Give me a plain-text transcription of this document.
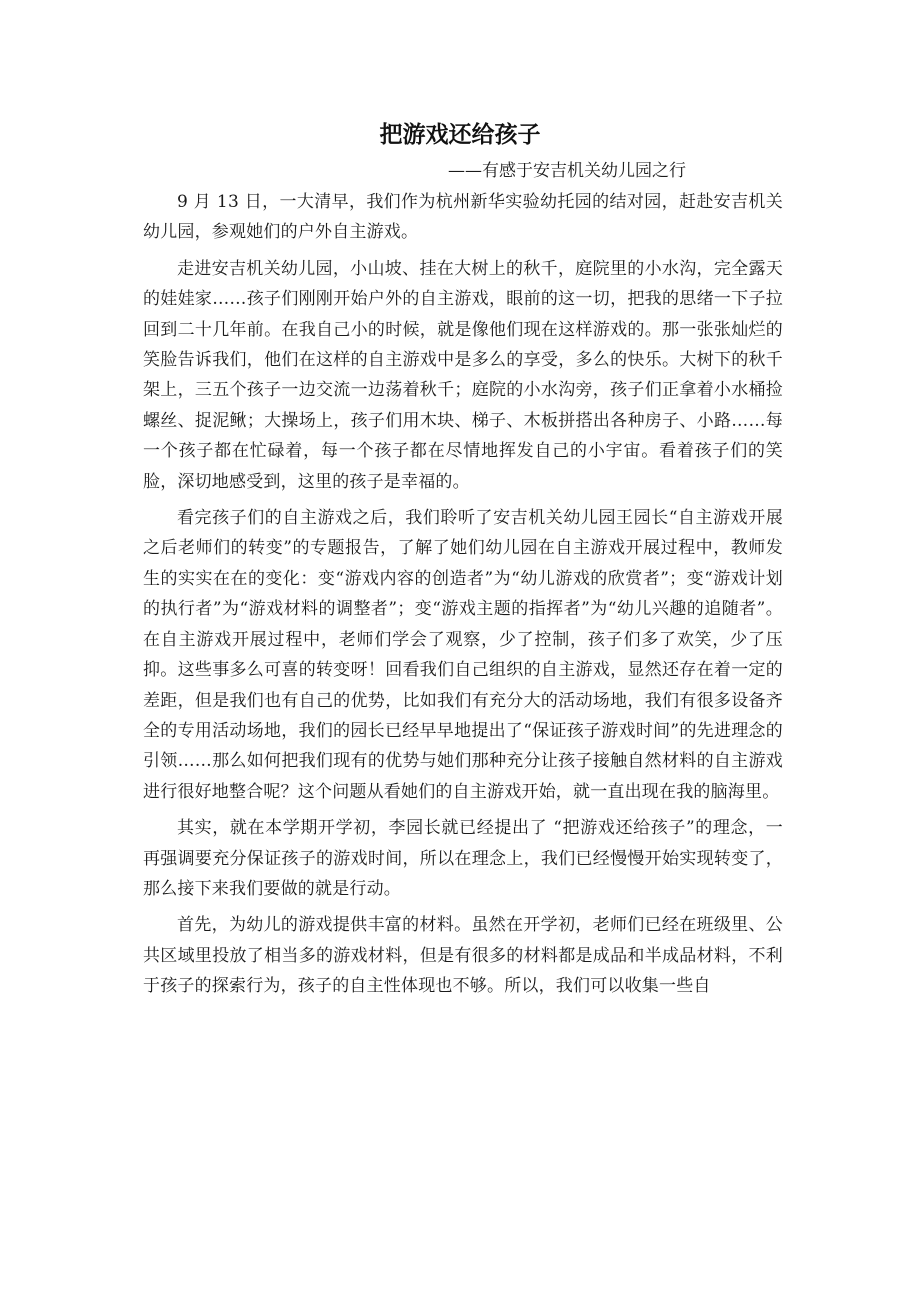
把游戏还给孩子

——有感于安吉机关幼儿园之行

9 月 13 日，一大清早，我们作为杭州新华实验幼托园的结对园，赶赴安吉机关幼儿园，参观她们的户外自主游戏。

走进安吉机关幼儿园，小山坡、挂在大树上的秋千，庭院里的小水沟，完全露天的娃娃家……孩子们刚刚开始户外的自主游戏，眼前的这一切，把我的思绪一下子拉回到二十几年前。在我自己小的时候，就是像他们现在这样游戏的。那一张张灿烂的笑脸告诉我们，他们在这样的自主游戏中是多么的享受，多么的快乐。大树下的秋千架上，三五个孩子一边交流一边荡着秋千；庭院的小水沟旁，孩子们正拿着小水桶捡螺丝、捉泥鳅；大操场上，孩子们用木块、梯子、木板拼搭出各种房子、小路……每一个孩子都在忙碌着，每一个孩子都在尽情地挥发自己的小宇宙。看着孩子们的笑脸，深切地感受到，这里的孩子是幸福的。

看完孩子们的自主游戏之后，我们聆听了安吉机关幼儿园王园长“自主游戏开展之后老师们的转变”的专题报告，了解了她们幼儿园在自主游戏开展过程中，教师发生的实实在在的变化：变“游戏内容的创造者”为“幼儿游戏的欣赏者”；变“游戏计划的执行者”为“游戏材料的调整者”；变“游戏主题的指挥者”为“幼儿兴趣的追随者”。在自主游戏开展过程中，老师们学会了观察，少了控制，孩子们多了欢笑，少了压抑。这些事多么可喜的转变呀！回看我们自己组织的自主游戏，显然还存在着一定的差距，但是我们也有自己的优势，比如我们有充分大的活动场地，我们有很多设备齐全的专用活动场地，我们的园长已经早早地提出了“保证孩子游戏时间”的先进理念的引领……那么如何把我们现有的优势与她们那种充分让孩子接触自然材料的自主游戏进行很好地整合呢？这个问题从看她们的自主游戏开始，就一直出现在我的脑海里。

其实，就在本学期开学初，李园长就已经提出了 “把游戏还给孩子”的理念，一再强调要充分保证孩子的游戏时间，所以在理念上，我们已经慢慢开始实现转变了，那么接下来我们要做的就是行动。

首先，为幼儿的游戏提供丰富的材料。虽然在开学初，老师们已经在班级里、公共区域里投放了相当多的游戏材料，但是有很多的材料都是成品和半成品材料，不利于孩子的探索行为，孩子的自主性体现也不够。所以，我们可以收集一些自
